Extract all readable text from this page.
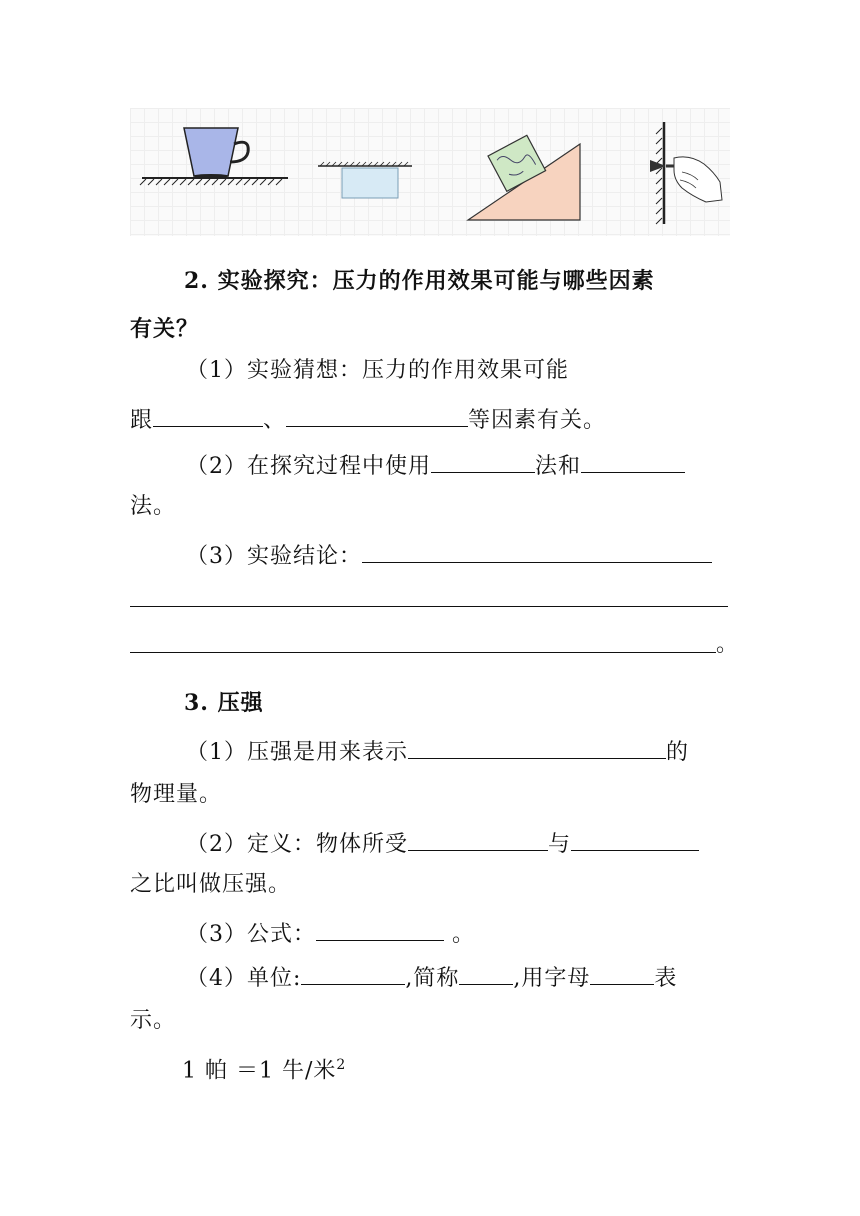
2. 实验探究：压力的作用效果可能与哪些因素
有关？
（1）实验猜想：压力的作用效果可能
跟	、	等因素有关。
（2）在探究过程中使用	法和
法。
（3）实验结论：
。
3. 压强
（1）压强是用来表示	的
物理量。
（2）定义：物体所受	与
之比叫做压强。
（3）公式：	。
（4）单位:	,简称 ,用字母	表
示。
1 帕 ＝1 牛/米$^2$
